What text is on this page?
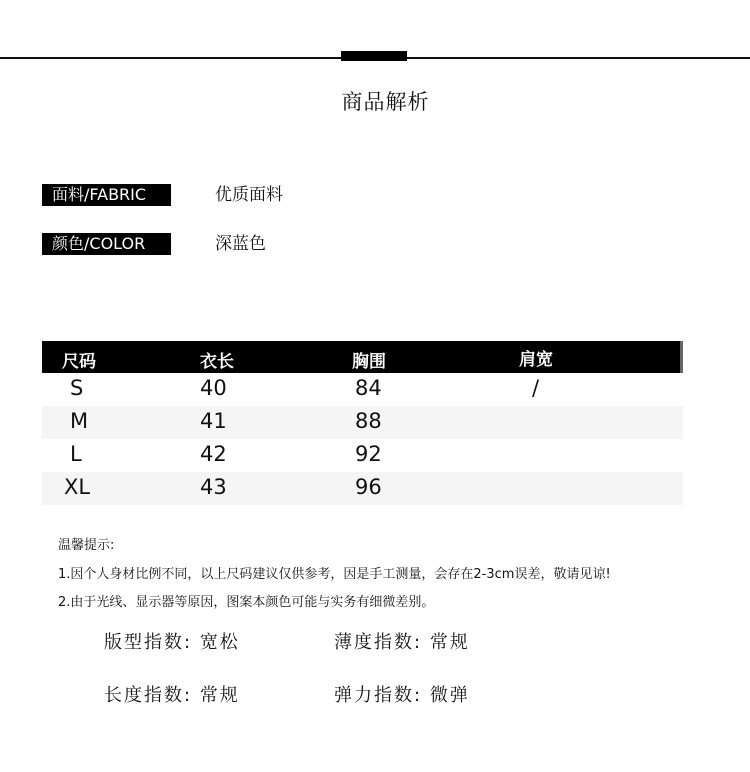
商品解析
面料/FABRIC	优质面料
颜色/COLOR	深蓝色
尺码	衣长	胸围	肩宽
S	40	84	/
M	41	88
L	42	92
XL	43	96
温馨提示:
1.因个人身材比例不同，以上尺码建议仅供参考，因是手工测量，会存在2-3cm误差，敬请见谅!
2.由于光线、显示器等原因，图案本颜色可能与实务有细微差别。
版型指数: 宽松	薄度指数: 常规
长度指数: 常规	弹力指数: 微弹
